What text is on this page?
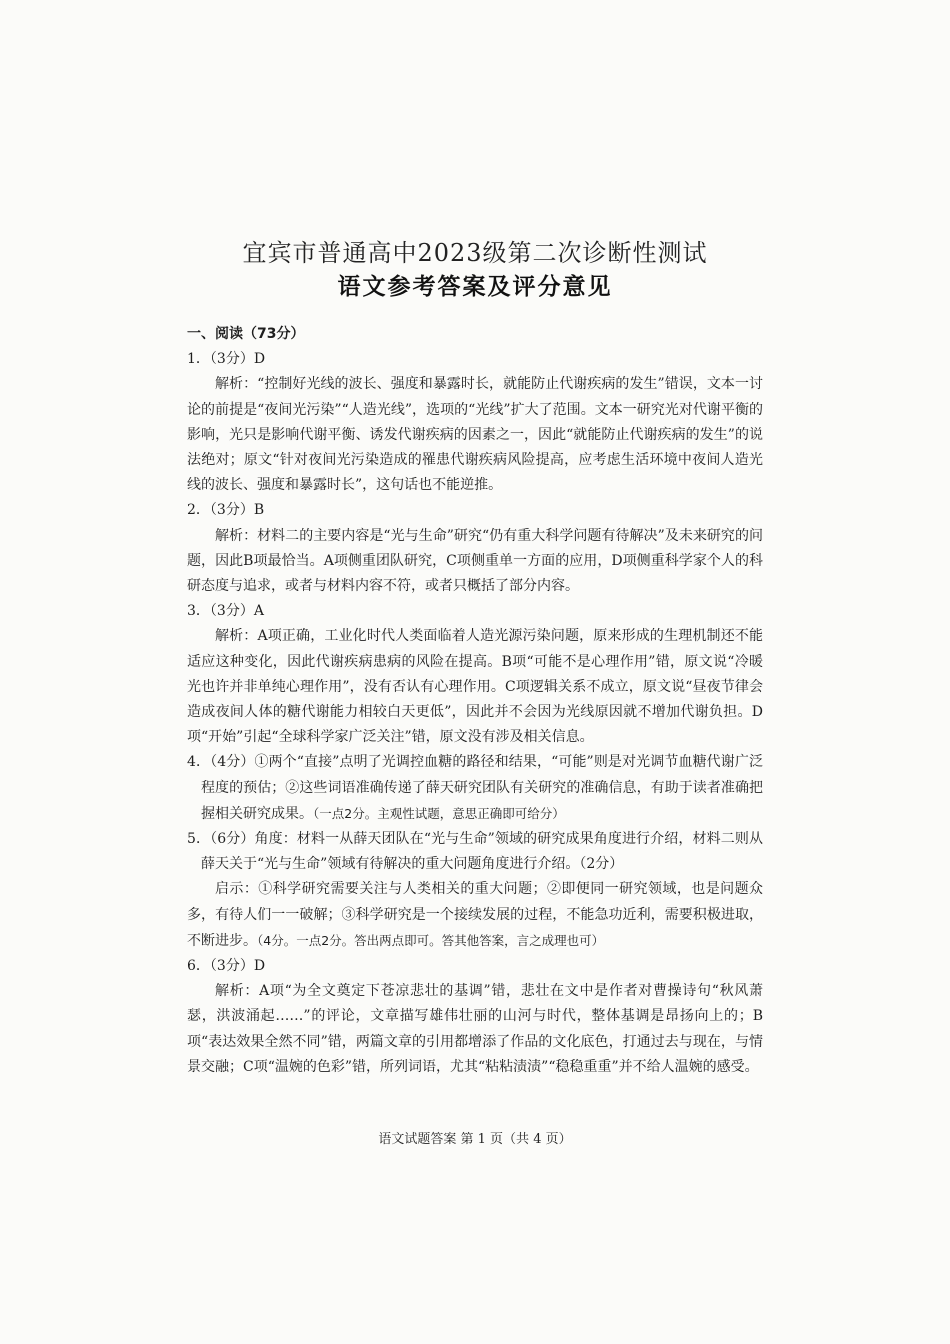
宜宾市普通高中2023级第二次诊断性测试
语文参考答案及评分意见
一、阅读（73分）
1．（3分）D

解析：“控制好光线的波长、强度和暴露时长，就能防止代谢疾病的发生”错误，文本一讨论的前提是“夜间光污染”“人造光线”，选项的“光线”扩大了范围。文本一研究光对代谢平衡的影响，光只是影响代谢平衡、诱发代谢疾病的因素之一，因此“就能防止代谢疾病的发生”的说法绝对；原文“针对夜间光污染造成的罹患代谢疾病风险提高，应考虑生活环境中夜间人造光线的波长、强度和暴露时长”，这句话也不能逆推。

2．（3分）B

解析：材料二的主要内容是“光与生命”研究“仍有重大科学问题有待解决”及未来研究的问题，因此B项最恰当。A项侧重团队研究，C项侧重单一方面的应用，D项侧重科学家个人的科研态度与追求，或者与材料内容不符，或者只概括了部分内容。

3．（3分）A

解析：A项正确，工业化时代人类面临着人造光源污染问题，原来形成的生理机制还不能适应这种变化，因此代谢疾病患病的风险在提高。B项“可能不是心理作用”错，原文说“冷暖光也许并非单纯心理作用”，没有否认有心理作用。C项逻辑关系不成立，原文说“昼夜节律会造成夜间人体的糖代谢能力相较白天更低”，因此并不会因为光线原因就不增加代谢负担。D项“开始”引起“全球科学家广泛关注”错，原文没有涉及相关信息。

4．（4分）①两个“直接”点明了光调控血糖的路径和结果，“可能”则是对光调节血糖代谢广泛程度的预估；②这些词语准确传递了薛天研究团队有关研究的准确信息，有助于读者准确把握相关研究成果。（一点2分。主观性试题，意思正确即可给分）

5．（6分）角度：材料一从薛天团队在“光与生命”领域的研究成果角度进行介绍，材料二则从薛天关于“光与生命”领域有待解决的重大问题角度进行介绍。（2分）

启示：①科学研究需要关注与人类相关的重大问题；②即便同一研究领域，也是问题众多，有待人们一一破解；③科学研究是一个接续发展的过程，不能急功近利，需要积极进取，不断进步。（4分。一点2分。答出两点即可。答其他答案，言之成理也可）

6．（3分）D

解析：A项“为全文奠定下苍凉悲壮的基调”错，悲壮在文中是作者对曹操诗句“秋风萧瑟，洪波涌起……”的评论，文章描写雄伟壮丽的山河与时代，整体基调是昂扬向上的；B项“表达效果全然不同”错，两篇文章的引用都增添了作品的文化底色，打通过去与现在，与情景交融；C项“温婉的色彩”错，所列词语，尤其“粘粘渍渍”“稳稳重重”并不给人温婉的感受。

语文试题答案 第 1 页（共 4 页）
